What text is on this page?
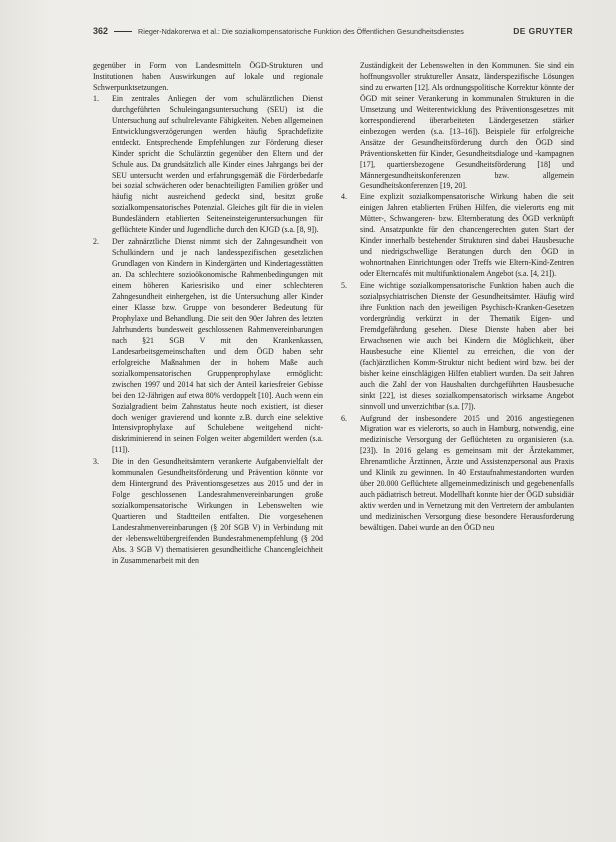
362	Rieger-Ndakorerwa et al.: Die sozialkompensatorische Funktion des Öffentlichen Gesundheitsdienstes	DE GRUYTER

gegenüber in Form von Landesmitteln ÖGD-Strukturen und Institutionen haben Auswirkungen auf lokale und regionale Schwerpunktsetzungen.

1.	Ein zentrales Anliegen der vom schulärztlichen Dienst durchgeführten Schuleingangsuntersuchung (SEU) ist die Untersuchung auf schulrelevante Fähigkeiten. Neben allgemeinen Entwicklungsverzögerungen werden häufig Sprachdefizite entdeckt. Entsprechende Empfehlungen zur Förderung dieser Kinder spricht die Schulärztin gegenüber den Eltern und der Schule aus. Da grundsätzlich alle Kinder eines Jahrgangs bei der SEU untersucht werden und erfahrungsgemäß die Förderbedarfe bei sozial schwächeren oder benachteiligten Familien größer und häufig nicht ausreichend gedeckt sind, besitzt große sozialkompensatorisches Potenzial. Gleiches gilt für die in vielen Bundesländern etablierten Seiteneinsteigeruntersuchungen für geflüchtete Kinder und Jugendliche durch den KJGD (s.a. [8, 9]).
2.	Der zahnärztliche Dienst nimmt sich der Zahngesundheit von Schulkindern und je nach landesspezifischen gesetzlichen Grundlagen von Kindern in Kindergärten und Kindertagesstätten an. Da schlechtere sozioökonomische Rahmenbedingungen mit einem höheren Kariesrisiko und einer schlechteren Zahngesundheit einhergehen, ist die Untersuchung aller Kinder einer Klasse bzw. Gruppe von besonderer Bedeutung für Prophylaxe und Behandlung. Die seit den 90er Jahren des letzten Jahrhunderts bundesweit geschlossenen Rahmenvereinbarungen nach §21 SGB V mit den Krankenkassen, Landesarbeitsgemeinschaften und dem ÖGD haben sehr erfolgreiche Maßnahmen der in hohem Maße auch sozialkompensatorischen Gruppenprophylaxe ermöglicht: zwischen 1997 und 2014 hat sich der Anteil kariesfreier Gebisse bei den 12-Jährigen auf etwa 80% verdoppelt [10]. Auch wenn ein Sozialgradient beim Zahnstatus heute noch existiert, ist dieser doch weniger gravierend und konnte z.B. durch eine selektive Intensivprophylaxe auf Schulebene weitgehend nicht-diskriminierend in seinen Folgen weiter abgemildert werden (s.a. [11]).
3.	Die in den Gesundheitsämtern verankerte Aufgabenvielfalt der kommunalen Gesundheitsförderung und Prävention könnte vor dem Hintergrund des Präventionsgesetzes aus 2015 und der in Folge geschlossenen Landesrahmenvereinbarungen große sozialkompensatorische Wirkungen in Lebenswelten wie Quartieren und Stadtteilen entfalten. Die vorgesehenen Landesrahmenvereinbarungen (§ 20f SGB V) in Verbindung mit der ›lebensweltübergreifenden Bundesrahmenempfehlung (§ 20d Abs. 3 SGB V) thematisieren gesundheitliche Chancengleichheit in Zusammenarbeit mit den

Zuständigkeit der Lebenswelten in den Kommunen. Sie sind ein hoffnungsvoller struktureller Ansatz, länderspezifische Lösungen sind zu erwarten [12]. Als ordnungspolitische Korrektur könnte der ÖGD mit seiner Verankerung in kommunalen Strukturen in die Umsetzung und Weiterentwicklung des Präventionsgesetzes mit korrespondierend überarbeiteten Ländergesetzen stärker einbezogen werden (s.a. [13–16]). Beispiele für erfolgreiche Ansätze der Gesundheitsförderung durch den ÖGD sind Präventionsketten für Kinder, Gesundheitsdialoge und -kampagnen [17], quartiersbezogene Gesundheitsförderung [18] und Männergesundheitskonferenzen bzw. allgemein Gesundheitskonferenzen [19, 20].

4.	Eine explizit sozialkompensatorische Wirkung haben die seit einigen Jahren etablierten Frühen Hilfen, die vielerorts eng mit Mütter-, Schwangeren- bzw. Elternberatung des ÖGD verknüpft sind. Ansatzpunkte für den chancengerechten guten Start der Kinder innerhalb bestehender Strukturen sind dabei Hausbesuche und niedrigschwellige Beratungen durch den ÖGD in wohnortnahen Einrichtungen oder Treffs wie Eltern-Kind-Zentren oder Elterncafés mit multifunktionalem Angebot (s.a. [4, 21]).
5.	Eine wichtige sozialkompensatorische Funktion haben auch die sozialpsychiatrischen Dienste der Gesundheitsämter. Häufig wird ihre Funktion nach den jeweiligen Psychisch-Kranken-Gesetzen vordergründig verkürzt in der Thematik Eigen- und Fremdgefährdung gesehen. Diese Dienste haben aber bei Erwachsenen wie auch bei Kindern die Möglichkeit, über Hausbesuche eine Klientel zu erreichen, die von der (fach)ärztlichen Komm-Struktur nicht bedient wird bzw. bei der bisher keine einschlägigen Hilfen etabliert wurden. Da seit Jahren auch die Zahl der von Haushalten durchgeführten Hausbesuche sinkt [22], ist dieses sozialkompensatorisch wirksame Angebot sinnvoll und unverzichtbar (s.a. [7]).
6.	Aufgrund der insbesondere 2015 und 2016 angestiegenen Migration war es vielerorts, so auch in Hamburg, notwendig, eine medizinische Versorgung der Geflüchteten zu organisieren (s.a. [23]). In 2016 gelang es gemeinsam mit der Ärztekammer, Ehrenamtliche Ärztinnen, Ärzte und Assistenzpersonal aus Praxis und Klinik zu gewinnen. In 40 Erstaufnahmestandorten wurden über 20.000 Geflüchtete allgemeinmedizinisch und gegebenenfalls auch pädiatrisch betreut. Modellhaft konnte hier der ÖGD subsidiär aktiv werden und in Vernetzung mit den Vertretern der ambulanten und medizinischen Versorgung diese besondere Herausforderung bewältigen. Dabei wurde an den ÖGD neu
